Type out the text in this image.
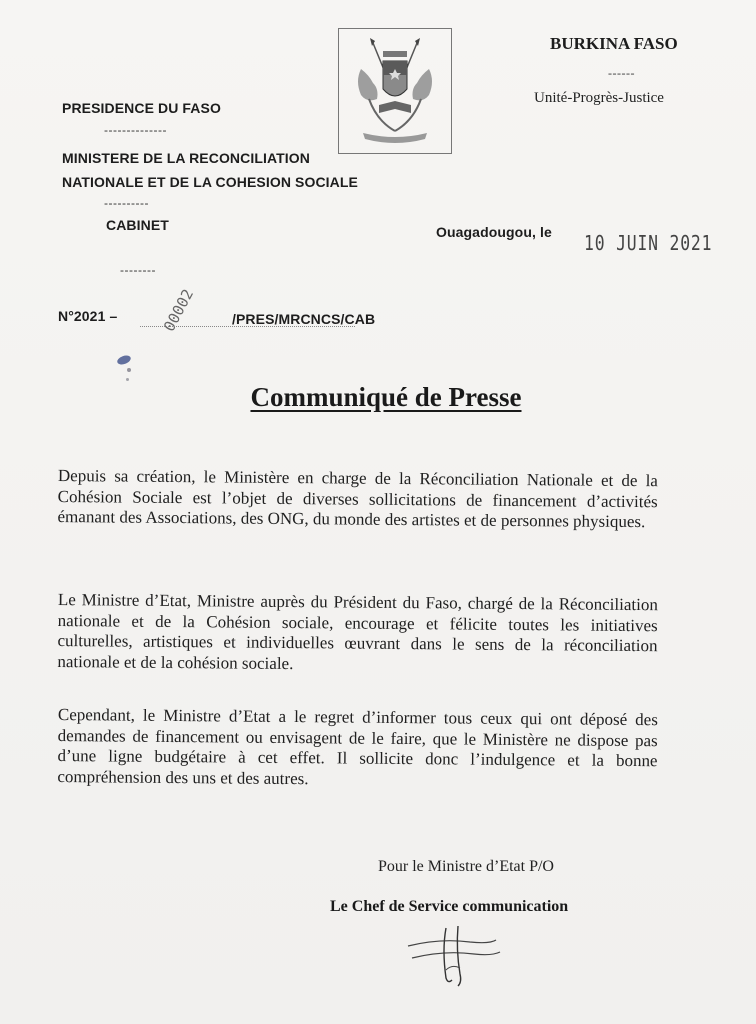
PRESIDENCE DU FASO
--------------
MINISTERE DE LA RECONCILIATION
NATIONALE ET DE LA COHESION SOCIALE
----------
CABINET
--------
N°2021 –	00002 /PRES/MRCNCS/CAB
BURKINA FASO
------
Unité-Progrès-Justice
Ouagadougou, le 10 JUIN 2021
Communiqué de Presse
Depuis sa création, le Ministère en charge de la Réconciliation Nationale et de la Cohésion Sociale est l’objet de diverses sollicitations de financement d’activités émanant des Associations, des ONG, du monde des artistes et de personnes physiques.
Le Ministre d’Etat, Ministre auprès du Président du Faso, chargé de la Réconciliation nationale et de la Cohésion sociale, encourage et félicite toutes les initiatives culturelles, artistiques et individuelles œuvrant dans le sens de la réconciliation nationale et de la cohésion sociale.
Cependant, le Ministre d’Etat a le regret d’informer tous ceux qui ont déposé des demandes de financement ou envisagent de le faire, que le Ministère ne dispose pas d’une ligne budgétaire à cet effet. Il sollicite donc l’indulgence et la bonne compréhension des uns et des autres.
Pour le Ministre d’Etat P/O
Le Chef de Service communication
